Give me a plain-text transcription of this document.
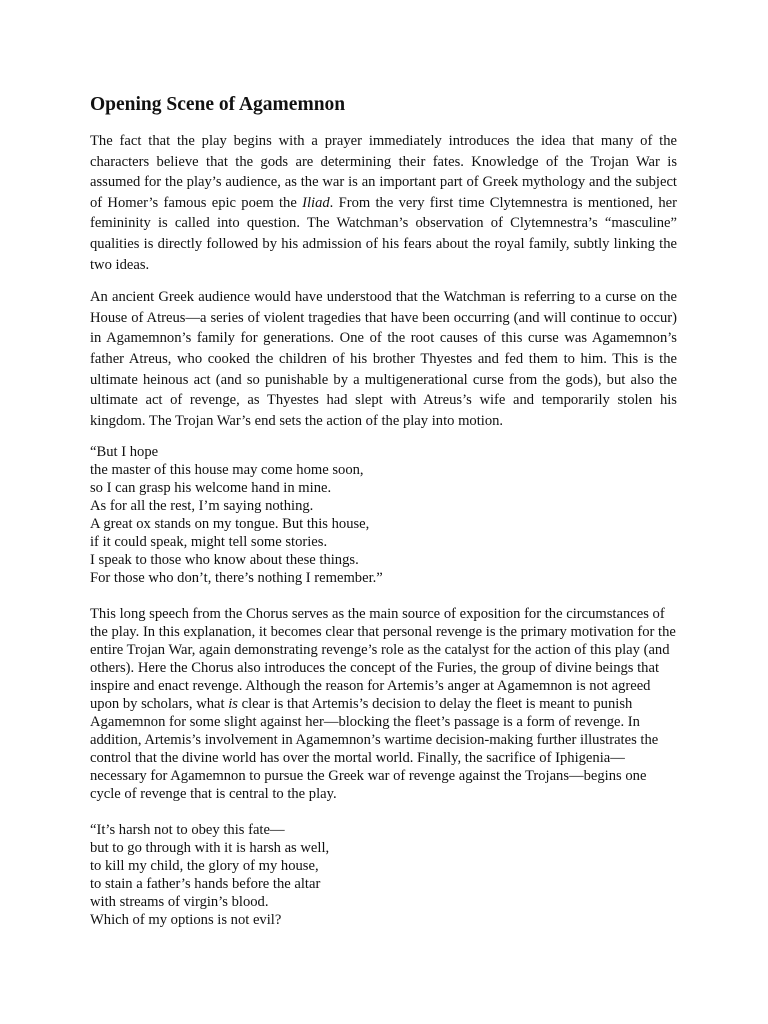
Opening Scene of Agamemnon

The fact that the play begins with a prayer immediately introduces the idea that many of the characters believe that the gods are determining their fates. Knowledge of the Trojan War is assumed for the play’s audience, as the war is an important part of Greek mythology and the subject of Homer’s famous epic poem the Iliad. From the very first time Clytemnestra is mentioned, her femininity is called into question. The Watchman’s observation of Clytemnestra’s “masculine” qualities is directly followed by his admission of his fears about the royal family, subtly linking the two ideas.

An ancient Greek audience would have understood that the Watchman is referring to a curse on the House of Atreus—a series of violent tragedies that have been occurring (and will continue to occur) in Agamemnon’s family for generations. One of the root causes of this curse was Agamemnon’s father Atreus, who cooked the children of his brother Thyestes and fed them to him. This is the ultimate heinous act (and so punishable by a multigenerational curse from the gods), but also the ultimate act of revenge, as Thyestes had slept with Atreus’s wife and temporarily stolen his kingdom. The Trojan War’s end sets the action of the play into motion.

“But I hope
the master of this house may come home soon,
so I can grasp his welcome hand in mine.
As for all the rest, I’m saying nothing.
A great ox stands on my tongue. But this house,
if it could speak, might tell some stories.
I speak to those who know about these things.
For those who don’t, there’s nothing I remember.”

This long speech from the Chorus serves as the main source of exposition for the circumstances of the play. In this explanation, it becomes clear that personal revenge is the primary motivation for the entire Trojan War, again demonstrating revenge’s role as the catalyst for the action of this play (and others). Here the Chorus also introduces the concept of the Furies, the group of divine beings that inspire and enact revenge. Although the reason for Artemis’s anger at Agamemnon is not agreed upon by scholars, what is clear is that Artemis’s decision to delay the fleet is meant to punish Agamemnon for some slight against her—blocking the fleet’s passage is a form of revenge. In addition, Artemis’s involvement in Agamemnon’s wartime decision-making further illustrates the control that the divine world has over the mortal world. Finally, the sacrifice of Iphigenia—necessary for Agamemnon to pursue the Greek war of revenge against the Trojans—begins one cycle of revenge that is central to the play.

“It’s harsh not to obey this fate—
but to go through with it is harsh as well,
to kill my child, the glory of my house,
to stain a father’s hands before the altar
with streams of virgin’s blood.
Which of my options is not evil?
